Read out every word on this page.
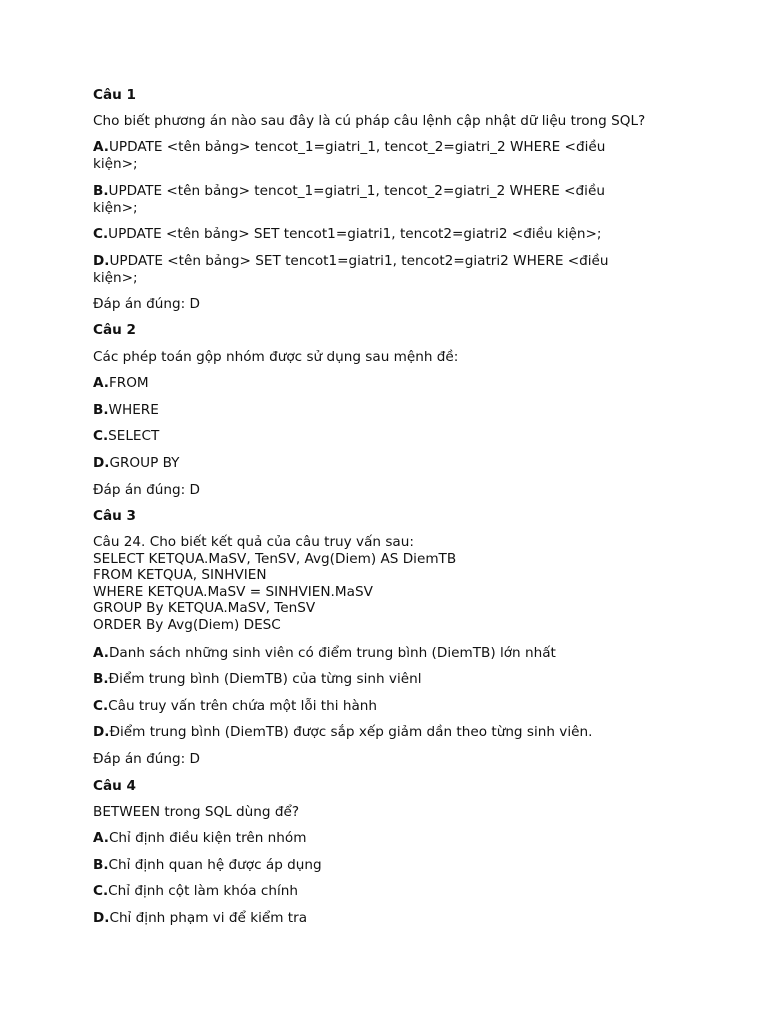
Câu 1
Cho biết phương án nào sau đây là cú pháp câu lệnh cập nhật dữ liệu trong SQL?
A.UPDATE <tên bảng> tencot_1=giatri_1, tencot_2=giatri_2 WHERE <điều kiện>;
B.UPDATE <tên bảng> tencot_1=giatri_1, tencot_2=giatri_2 WHERE <điều kiện>;
C.UPDATE <tên bảng> SET tencot1=giatri1, tencot2=giatri2 <điều kiện>;
D.UPDATE <tên bảng> SET tencot1=giatri1, tencot2=giatri2 WHERE <điều kiện>;
Đáp án đúng: D
Câu 2
Các phép toán gộp nhóm được sử dụng sau mệnh đề:
A.FROM
B.WHERE
C.SELECT
D.GROUP BY
Đáp án đúng: D
Câu 3
Câu 24. Cho biết kết quả của câu truy vấn sau:
SELECT KETQUA.MaSV, TenSV, Avg(Diem) AS DiemTB
FROM KETQUA, SINHVIEN
WHERE KETQUA.MaSV = SINHVIEN.MaSV
GROUP By KETQUA.MaSV, TenSV
ORDER By Avg(Diem) DESC
A.Danh sách những sinh viên có điểm trung bình (DiemTB) lớn nhất
B.Điểm trung bình (DiemTB) của từng sinh viênl
C.Câu truy vấn trên chứa một lỗi thi hành
D.Điểm trung bình (DiemTB) được sắp xếp giảm dần theo từng sinh viên.
Đáp án đúng: D
Câu 4
BETWEEN trong SQL dùng để?
A.Chỉ định điều kiện trên nhóm
B.Chỉ định quan hệ được áp dụng
C.Chỉ định cột làm khóa chính
D.Chỉ định phạm vi để kiểm tra
